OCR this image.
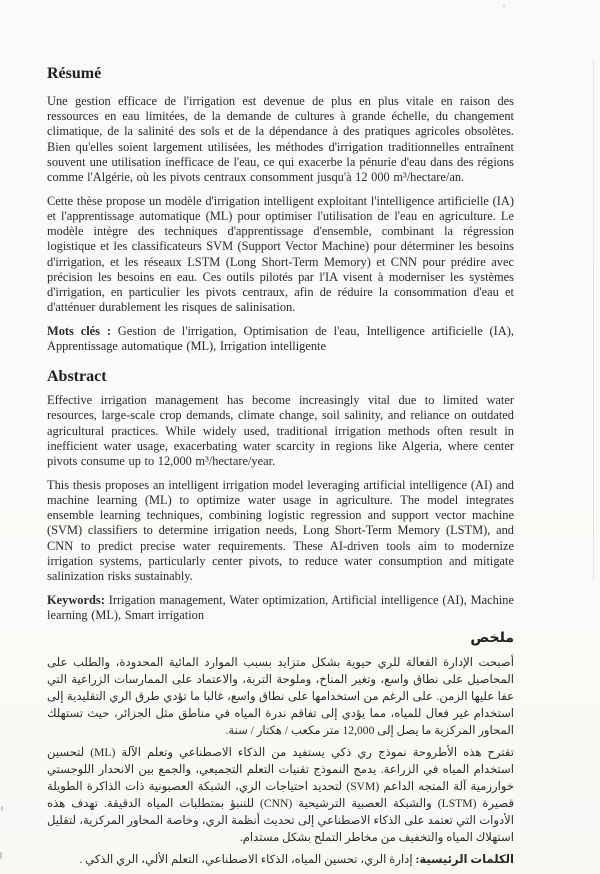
Résumé

Une gestion efficace de l'irrigation est devenue de plus en plus vitale en raison des ressources en eau limitées, de la demande de cultures à grande échelle, du changement climatique, de la salinité des sols et de la dépendance à des pratiques agricoles obsolètes. Bien qu'elles soient largement utilisées, les méthodes d'irrigation traditionnelles entraînent souvent une utilisation inefficace de l'eau, ce qui exacerbe la pénurie d'eau dans des régions comme l'Algérie, où les pivots centraux consomment jusqu'à 12 000 m³/hectare/an.

Cette thèse propose un modèle d'irrigation intelligent exploitant l'intelligence artificielle (IA) et l'apprentissage automatique (ML) pour optimiser l'utilisation de l'eau en agriculture. Le modèle intègre des techniques d'apprentissage d'ensemble, combinant la régression logistique et les classificateurs SVM (Support Vector Machine) pour déterminer les besoins d'irrigation, et les réseaux LSTM (Long Short-Term Memory) et CNN pour prédire avec précision les besoins en eau. Ces outils pilotés par l'IA visent à moderniser les systèmes d'irrigation, en particulier les pivots centraux, afin de réduire la consommation d'eau et d'atténuer durablement les risques de salinisation.

Mots clés : Gestion de l'irrigation, Optimisation de l'eau, Intelligence artificielle (IA), Apprentissage automatique (ML), Irrigation intelligente

Abstract

Effective irrigation management has become increasingly vital due to limited water resources, large-scale crop demands, climate change, soil salinity, and reliance on outdated agricultural practices. While widely used, traditional irrigation methods often result in inefficient water usage, exacerbating water scarcity in regions like Algeria, where center pivots consume up to 12,000 m³/hectare/year.

This thesis proposes an intelligent irrigation model leveraging artificial intelligence (AI) and machine learning (ML) to optimize water usage in agriculture. The model integrates ensemble learning techniques, combining logistic regression and support vector machine (SVM) classifiers to determine irrigation needs, Long Short-Term Memory (LSTM), and CNN to predict precise water requirements. These AI-driven tools aim to modernize irrigation systems, particularly center pivots, to reduce water consumption and mitigate salinization risks sustainably.

Keywords: Irrigation management, Water optimization, Artificial intelligence (AI), Machine learning (ML), Smart irrigation

ملخص

أصبحت الإدارة الفعالة للري حيوية بشكل متزايد بسبب الموارد المائية المحدودة، والطلب على المحاصيل على نطاق واسع، وتغير المناخ، وملوحة التربة، والاعتماد على الممارسات الزراعية التي عفا عليها الزمن. على الرغم من استخدامها على نطاق واسع، غالبا ما تؤدي طرق الري التقليدية إلى استخدام غير فعال للمياه، مما يؤدي إلى تفاقم ندرة المياه في مناطق مثل الجزائر، حيث تستهلك المحاور المركزية ما يصل إلى 12,000 متر مكعب / هكتار / سنة.

تقترح هذه الأطروحة نموذج ري ذكي يستفيد من الذكاء الاصطناعي وتعلم الآلة (ML) لتحسين استخدام المياه في الزراعة. يدمج النموذج تقنيات التعلم التجميعي، والجمع بين الانحدار اللوجستي خوارزمية آلة المتجه الداعم (SVM) لتحديد احتياجات الري، الشبكة العصبونية ذات الذاكرة الطويلة قصيرة (LSTM) والشبكة العصبية الترشيحية (CNN) للتنبؤ بمتطلبات المياه الدقيقة. تهدف هذه الأدوات التي تعتمد على الذكاء الاصطناعي إلى تحديث أنظمة الري، وخاصة المحاور المركزية، لتقليل استهلاك المياه والتخفيف من مخاطر التملح بشكل مستدام.

الكلمات الرئيسية: إدارة الري، تحسين المياه، الذكاء الاصطناعي، التعلم الألي، الري الذكي .
